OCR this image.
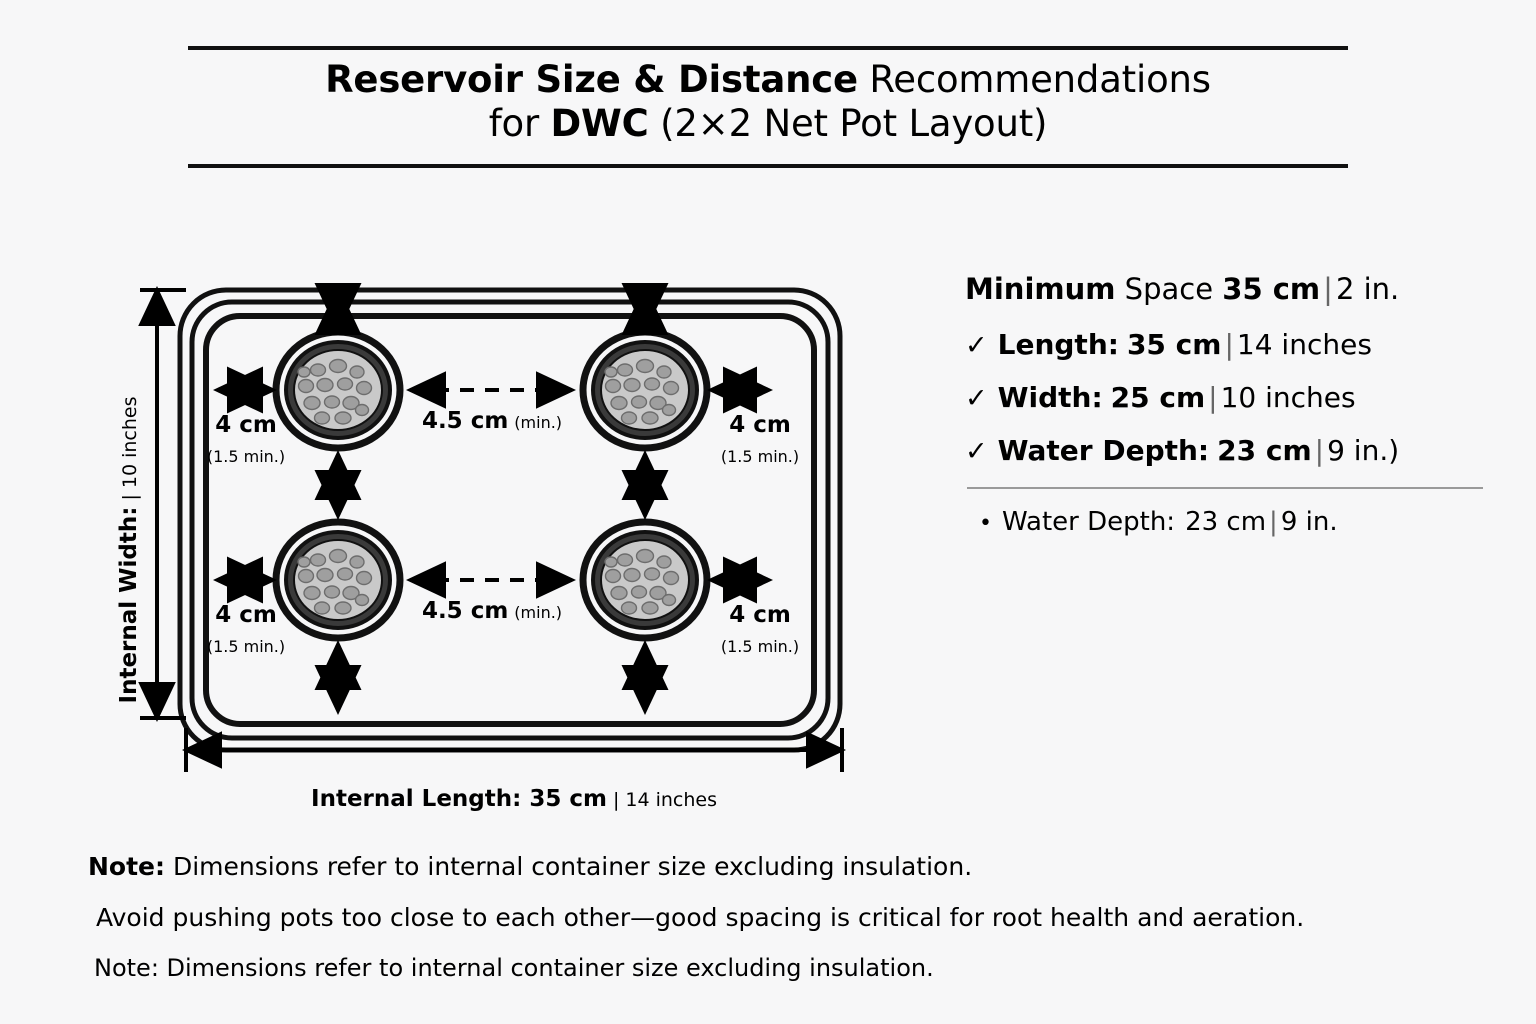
Reservoir Size & Distance Recommendations
for DWC (2×2 Net Pot Layout)
Internal Width:|10 inches
Internal Length: 35 cm | 14 inches
4.5 cm (min.)
4.5 cm (min.)
4 cm
(1.5 min.)
4 cm
(1.5 min.)
4 cm
(1.5 min.)
4 cm
(1.5 min.)
Minimum Space 35 cm | 2 in.
✓ Length: 35 cm | 14 inches
✓ Width: 25 cm | 10 inches
✓ Water Depth: 23 cm | 9 in.)
• Water Depth: 23 cm | 9 in.
Note: Dimensions refer to internal container size excluding insulation.
Avoid pushing pots too close to each other—good spacing is critical for root health and aeration.
Note: Dimensions refer to internal container size excluding insulation.
